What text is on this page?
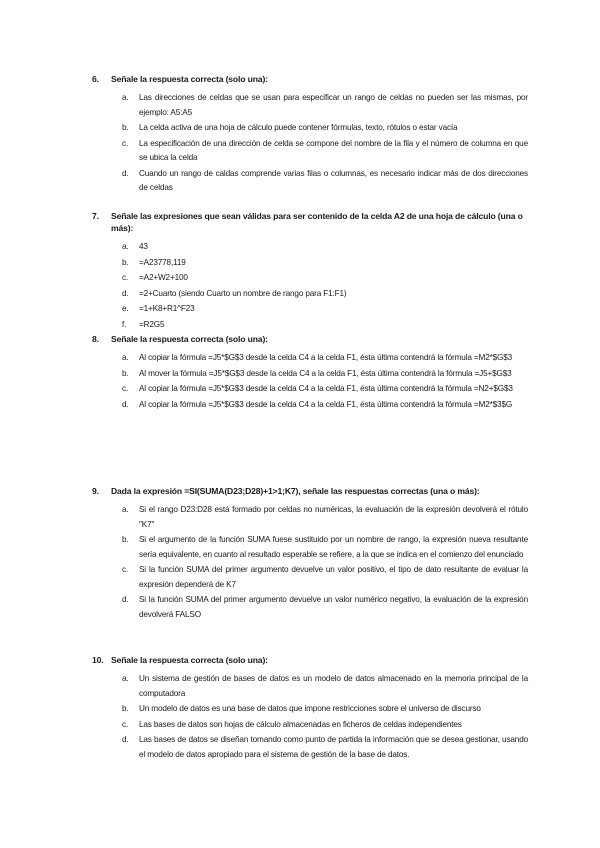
6.	Señale la respuesta correcta (solo una):
a.	Las direcciones de celdas que se usan para especificar un rango de celdas no pueden ser las mismas, por ejemplo: A5:A5
b.	La celda activa de una hoja de cálculo puede contener fórmulas, texto, rótulos o estar vacía
c.	La especificación de una dirección de celda se compone del nombre de la fila y el número de columna en que se ubica la celda
d.	Cuando un rango de caldas comprende varias filas o columnas, es necesario indicar más de dos direcciones de celdas
7.	Señale las expresiones que sean válidas para ser contenido de la celda A2 de una hoja de cálculo (una o más):
a.	43
b.	=A23778,119
c.	=A2+W2+100
d.	=2+Cuarto (siendo Cuarto un nombre de rango para F1:F1)
e.	=1+K8+R1^F23
f.	=R2G5
8.	Señale la respuesta correcta (solo una):
a.	Al copiar la fórmula =J5*$G$3 desde la celda C4 a la celda F1, ésta última contendrá la fórmula =M2*$G$3
b.	Al mover la fórmula =J5*$G$3 desde la celda C4 a la celda F1, ésta última contendrá la fórmula =J5+$G$3
c.	Al copiar la fórmula =J5*$G$3 desde la celda C4 a la celda F1, ésta última contendrá la fórmula =N2+$G$3
d.	Al copiar la fórmula =J5*$G$3 desde la celda C4 a la celda F1, ésta última contendrá la fórmula =M2*$3$G
9.	Dada la expresión =SI(SUMA(D23;D28)+1>1;K7), señale las respuestas correctas (una o más):
a.	Si el rango D23:D28 está formado por celdas no numéricas, la evaluación de la expresión devolverá el rótulo "K7"
b.	Si el argumento de la función SUMA fuese sustituido por un nombre de rango, la expresión nueva resultante sería equivalente, en cuanto al resultado esperable se refiere, a la que se indica en el comienzo del enunciado
c.	Si la función SUMA del primer argumento devuelve un valor positivo, el tipo de dato resultante de evaluar la expresión dependerá de K7
d.	Si la función SUMA del primer argumento devuelve un valor numérico negativo, la evaluación de la expresión devolverá FALSO
10. Señale la respuesta correcta (solo una):
a.	Un sistema de gestión de bases de datos es un modelo de datos almacenado en la memoria principal de la computadora
b.	Un modelo de datos es una base de datos que impone restricciones sobre el universo de discurso
c.	Las bases de datos son hojas de cálculo almacenadas en ficheros de celdas independientes
d.	Las bases de datos se diseñan tomando como punto de partida la información que se desea gestionar, usando el modelo de datos apropiado para el sistema de gestión de la base de datos.
